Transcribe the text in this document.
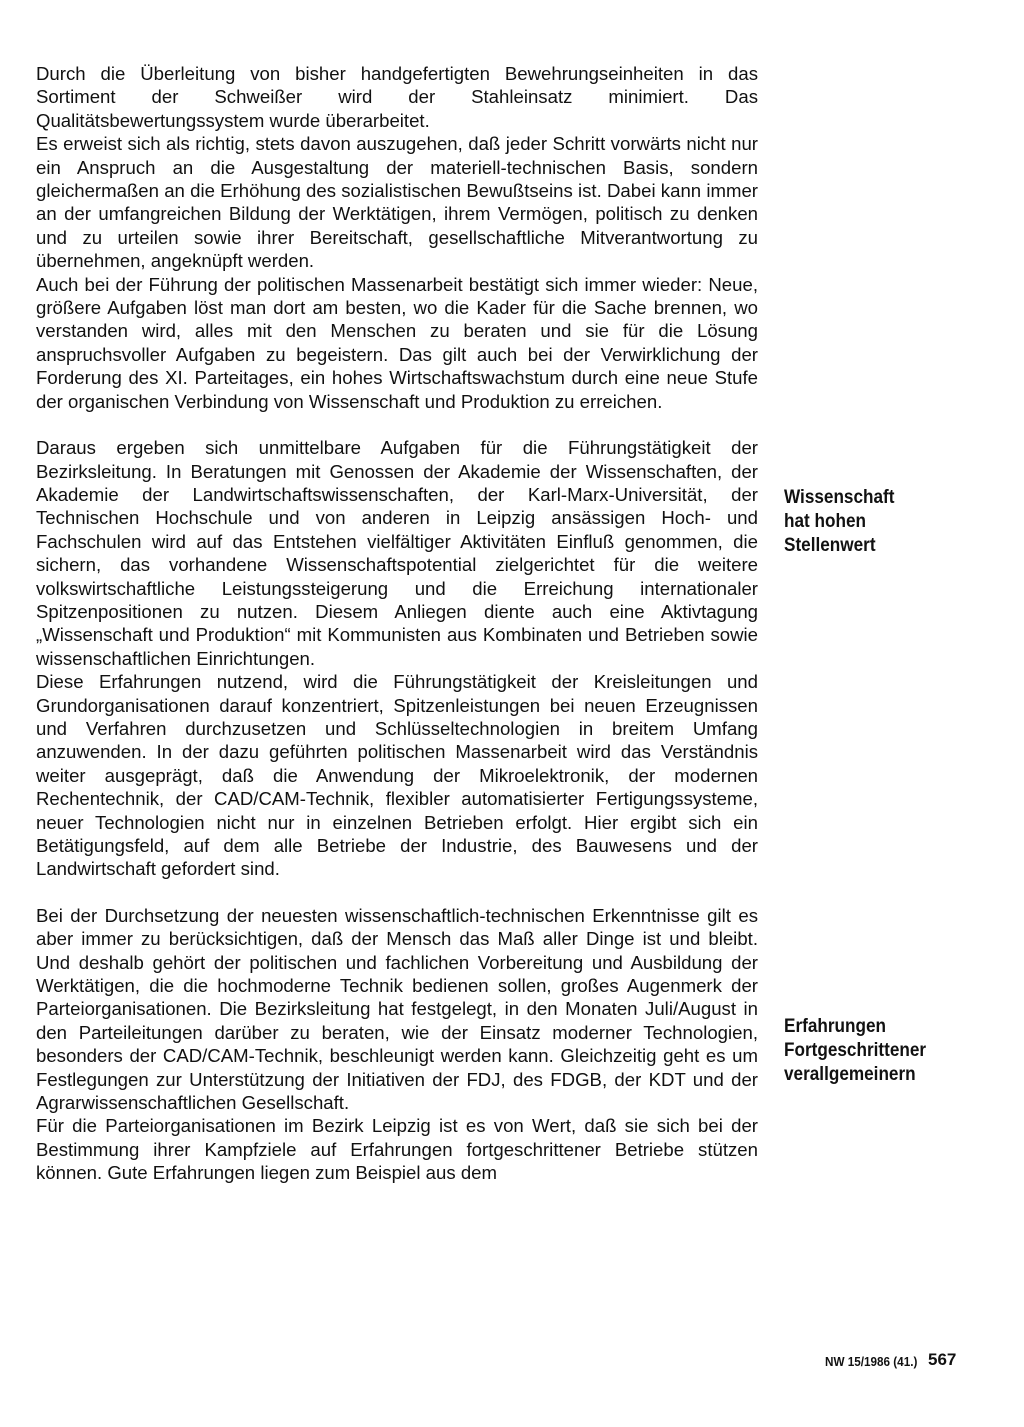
Durch die Überleitung von bisher handgefertigten Bewehrungseinheiten in das Sortiment der Schweißer wird der Stahleinsatz minimiert. Das Qualitätsbewertungssystem wurde überarbeitet.

Es erweist sich als richtig, stets davon auszugehen, daß jeder Schritt vorwärts nicht nur ein Anspruch an die Ausgestaltung der materiell-technischen Basis, sondern gleichermaßen an die Erhöhung des sozialistischen Bewußtseins ist. Dabei kann immer an der umfangreichen Bildung der Werktätigen, ihrem Vermögen, politisch zu denken und zu urteilen sowie ihrer Bereitschaft, gesellschaftliche Mitverantwortung zu übernehmen, angeknüpft werden.

Auch bei der Führung der politischen Massenarbeit bestätigt sich immer wieder: Neue, größere Aufgaben löst man dort am besten, wo die Kader für die Sache brennen, wo verstanden wird, alles mit den Menschen zu beraten und sie für die Lösung anspruchsvoller Aufgaben zu begeistern. Das gilt auch bei der Verwirklichung der Forderung des XI. Parteitages, ein hohes Wirtschaftswachstum durch eine neue Stufe der organischen Verbindung von Wissenschaft und Produktion zu erreichen.

Daraus ergeben sich unmittelbare Aufgaben für die Führungstätigkeit der Bezirksleitung. In Beratungen mit Genossen der Akademie der Wissenschaften, der Akademie der Landwirtschaftswissenschaften, der Karl-Marx-Universität, der Technischen Hochschule und von anderen in Leipzig ansässigen Hoch- und Fachschulen wird auf das Entstehen vielfältiger Aktivitäten Einfluß genommen, die sichern, das vorhandene Wissenschaftspotential zielgerichtet für die weitere volkswirtschaftliche Leistungssteigerung und die Erreichung internationaler Spitzenpositionen zu nutzen. Diesem Anliegen diente auch eine Aktivtagung „Wissenschaft und Produktion“ mit Kommunisten aus Kombinaten und Betrieben sowie wissenschaftlichen Einrichtungen.

Diese Erfahrungen nutzend, wird die Führungstätigkeit der Kreisleitungen und Grundorganisationen darauf konzentriert, Spitzenleistungen bei neuen Erzeugnissen und Verfahren durchzusetzen und Schlüsseltechnologien in breitem Umfang anzuwenden. In der dazu geführten politischen Massenarbeit wird das Verständnis weiter ausgeprägt, daß die Anwendung der Mikroelektronik, der modernen Rechentechnik, der CAD/CAM-Technik, flexibler automatisierter Fertigungssysteme, neuer Technologien nicht nur in einzelnen Betrieben erfolgt. Hier ergibt sich ein Betätigungsfeld, auf dem alle Betriebe der Industrie, des Bauwesens und der Landwirtschaft gefordert sind.

Bei der Durchsetzung der neuesten wissenschaftlich-technischen Erkenntnisse gilt es aber immer zu berücksichtigen, daß der Mensch das Maß aller Dinge ist und bleibt. Und deshalb gehört der politischen und fachlichen Vorbereitung und Ausbildung der Werktätigen, die die hochmoderne Technik bedienen sollen, großes Augenmerk der Parteiorganisationen. Die Bezirksleitung hat festgelegt, in den Monaten Juli/August in den Parteileitungen darüber zu beraten, wie der Einsatz moderner Technologien, besonders der CAD/CAM-Technik, beschleunigt werden kann. Gleichzeitig geht es um Festlegungen zur Unterstützung der Initiativen der FDJ, des FDGB, der KDT und der Agrarwissenschaftlichen Gesellschaft.

Für die Parteiorganisationen im Bezirk Leipzig ist es von Wert, daß sie sich bei der Bestimmung ihrer Kampfziele auf Erfahrungen fortgeschrittener Betriebe stützen können. Gute Erfahrungen liegen zum Beispiel aus dem

Wissenschaft
hat hohen
Stellenwert
Erfahrungen
Fortgeschrittener
verallgemeinern
NW 15/1986 (41.) 567
